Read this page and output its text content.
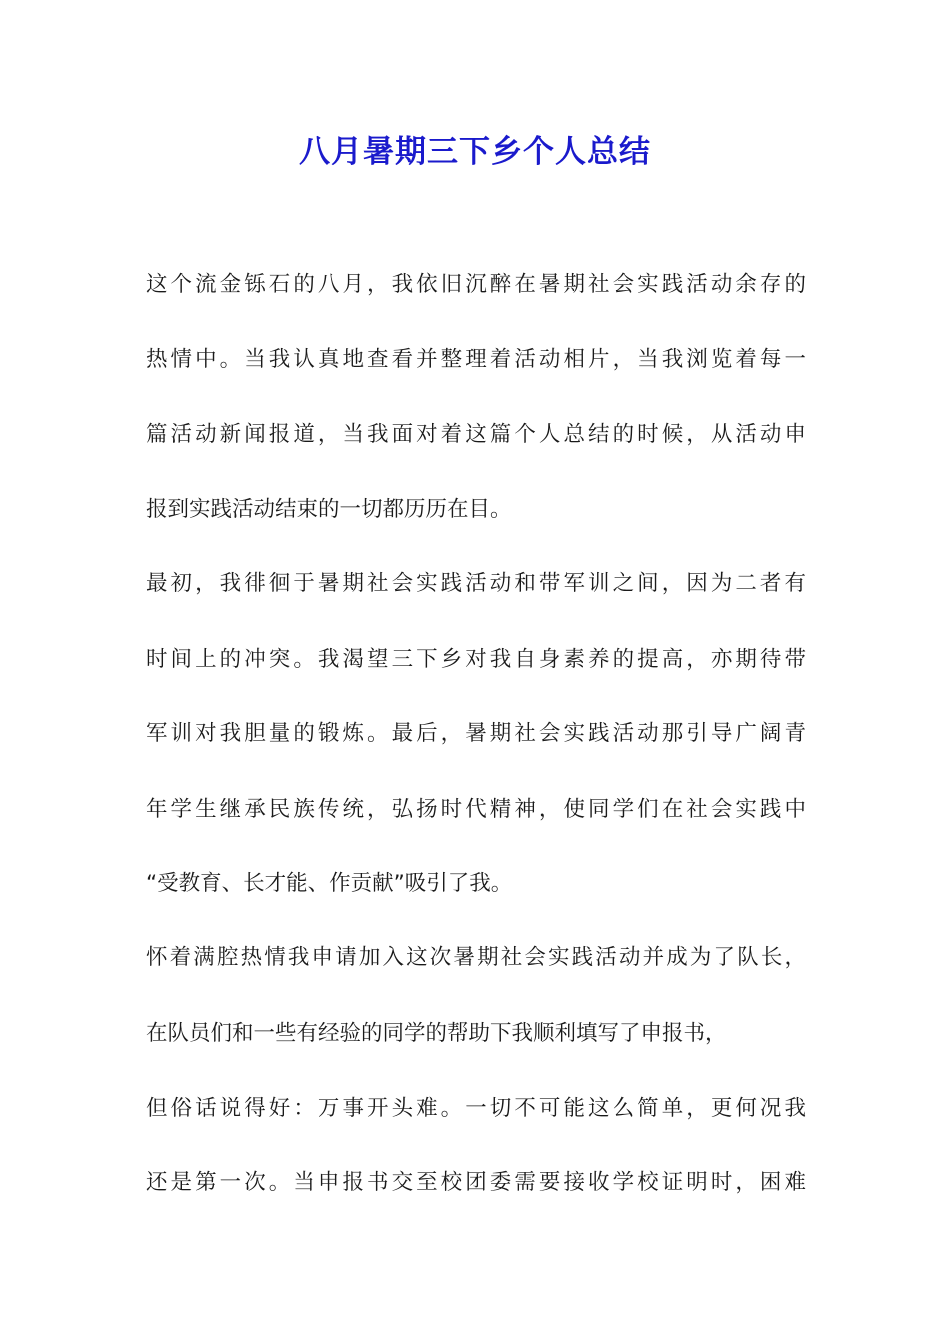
八月暑期三下乡个人总结
这个流金铄石的八月，我依旧沉醉在暑期社会实践活动余存的
热情中。当我认真地查看并整理着活动相片，当我浏览着每一
篇活动新闻报道，当我面对着这篇个人总结的时候，从活动申
报到实践活动结束的一切都历历在目。
最初，我徘徊于暑期社会实践活动和带军训之间，因为二者有
时间上的冲突。我渴望三下乡对我自身素养的提高，亦期待带
军训对我胆量的锻炼。最后，暑期社会实践活动那引导广阔青
年学生继承民族传统，弘扬时代精神，使同学们在社会实践中
“受教育、长才能、作贡献”吸引了我。
怀着满腔热情我申请加入这次暑期社会实践活动并成为了队长，
在队员们和一些有经验的同学的帮助下我顺利填写了申报书，
但俗话说得好：万事开头难。一切不可能这么简单，更何况我
还是第一次。当申报书交至校团委需要接收学校证明时，困难
